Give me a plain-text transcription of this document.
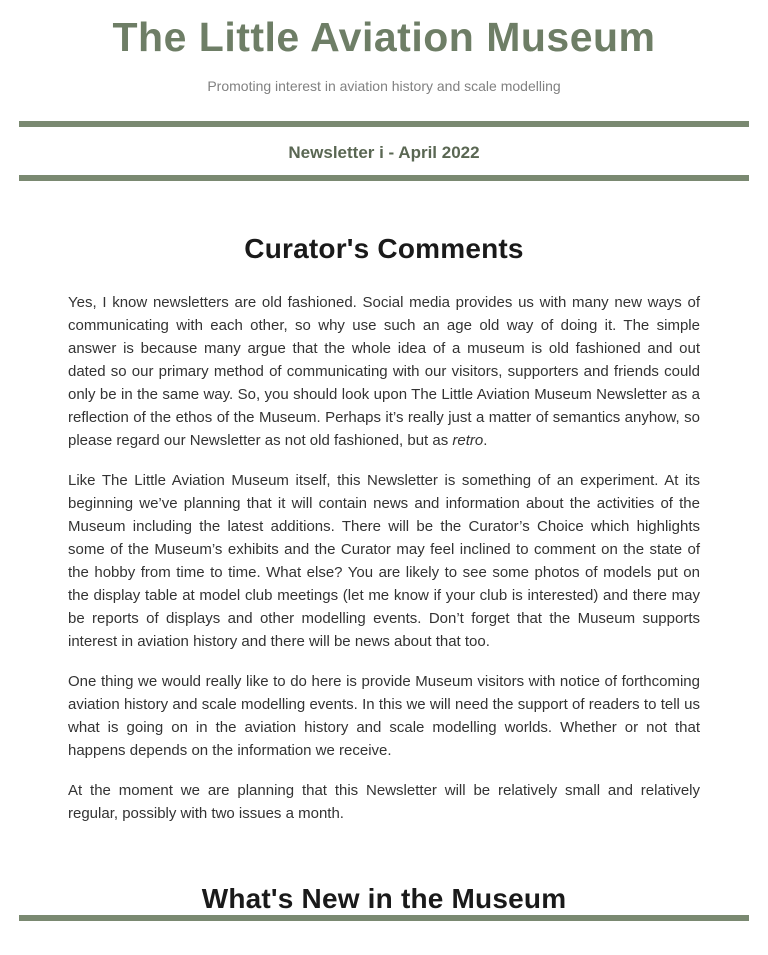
The Little Aviation Museum

Promoting interest in aviation history and scale modelling

Newsletter i - April 2022
Curator's Comments

Yes, I know newsletters are old fashioned. Social media provides us with many new ways of communicating with each other, so why use such an age old way of doing it. The simple answer is because many argue that the whole idea of a museum is old fashioned and out dated so our primary method of communicating with our visitors, supporters and friends could only be in the same way. So, you should look upon The Little Aviation Museum Newsletter as a reflection of the ethos of the Museum. Perhaps it’s really just a matter of semantics anyhow, so please regard our Newsletter as not old fashioned, but as retro.

Like The Little Aviation Museum itself, this Newsletter is something of an experiment. At its beginning we’ve planning that it will contain news and information about the activities of the Museum including the latest additions. There will be the Curator’s Choice which highlights some of the Museum’s exhibits and the Curator may feel inclined to comment on the state of the hobby from time to time. What else? You are likely to see some photos of models put on the display table at model club meetings (let me know if your club is interested) and there may be reports of displays and other modelling events. Don’t forget that the Museum supports interest in aviation history and there will be news about that too.

One thing we would really like to do here is provide Museum visitors with notice of forthcoming aviation history and scale modelling events. In this we will need the support of readers to tell us what is going on in the aviation history and scale modelling worlds. Whether or not that happens depends on the information we receive.

At the moment we are planning that this Newsletter will be relatively small and relatively regular, possibly with two issues a month.

What's New in the Museum
